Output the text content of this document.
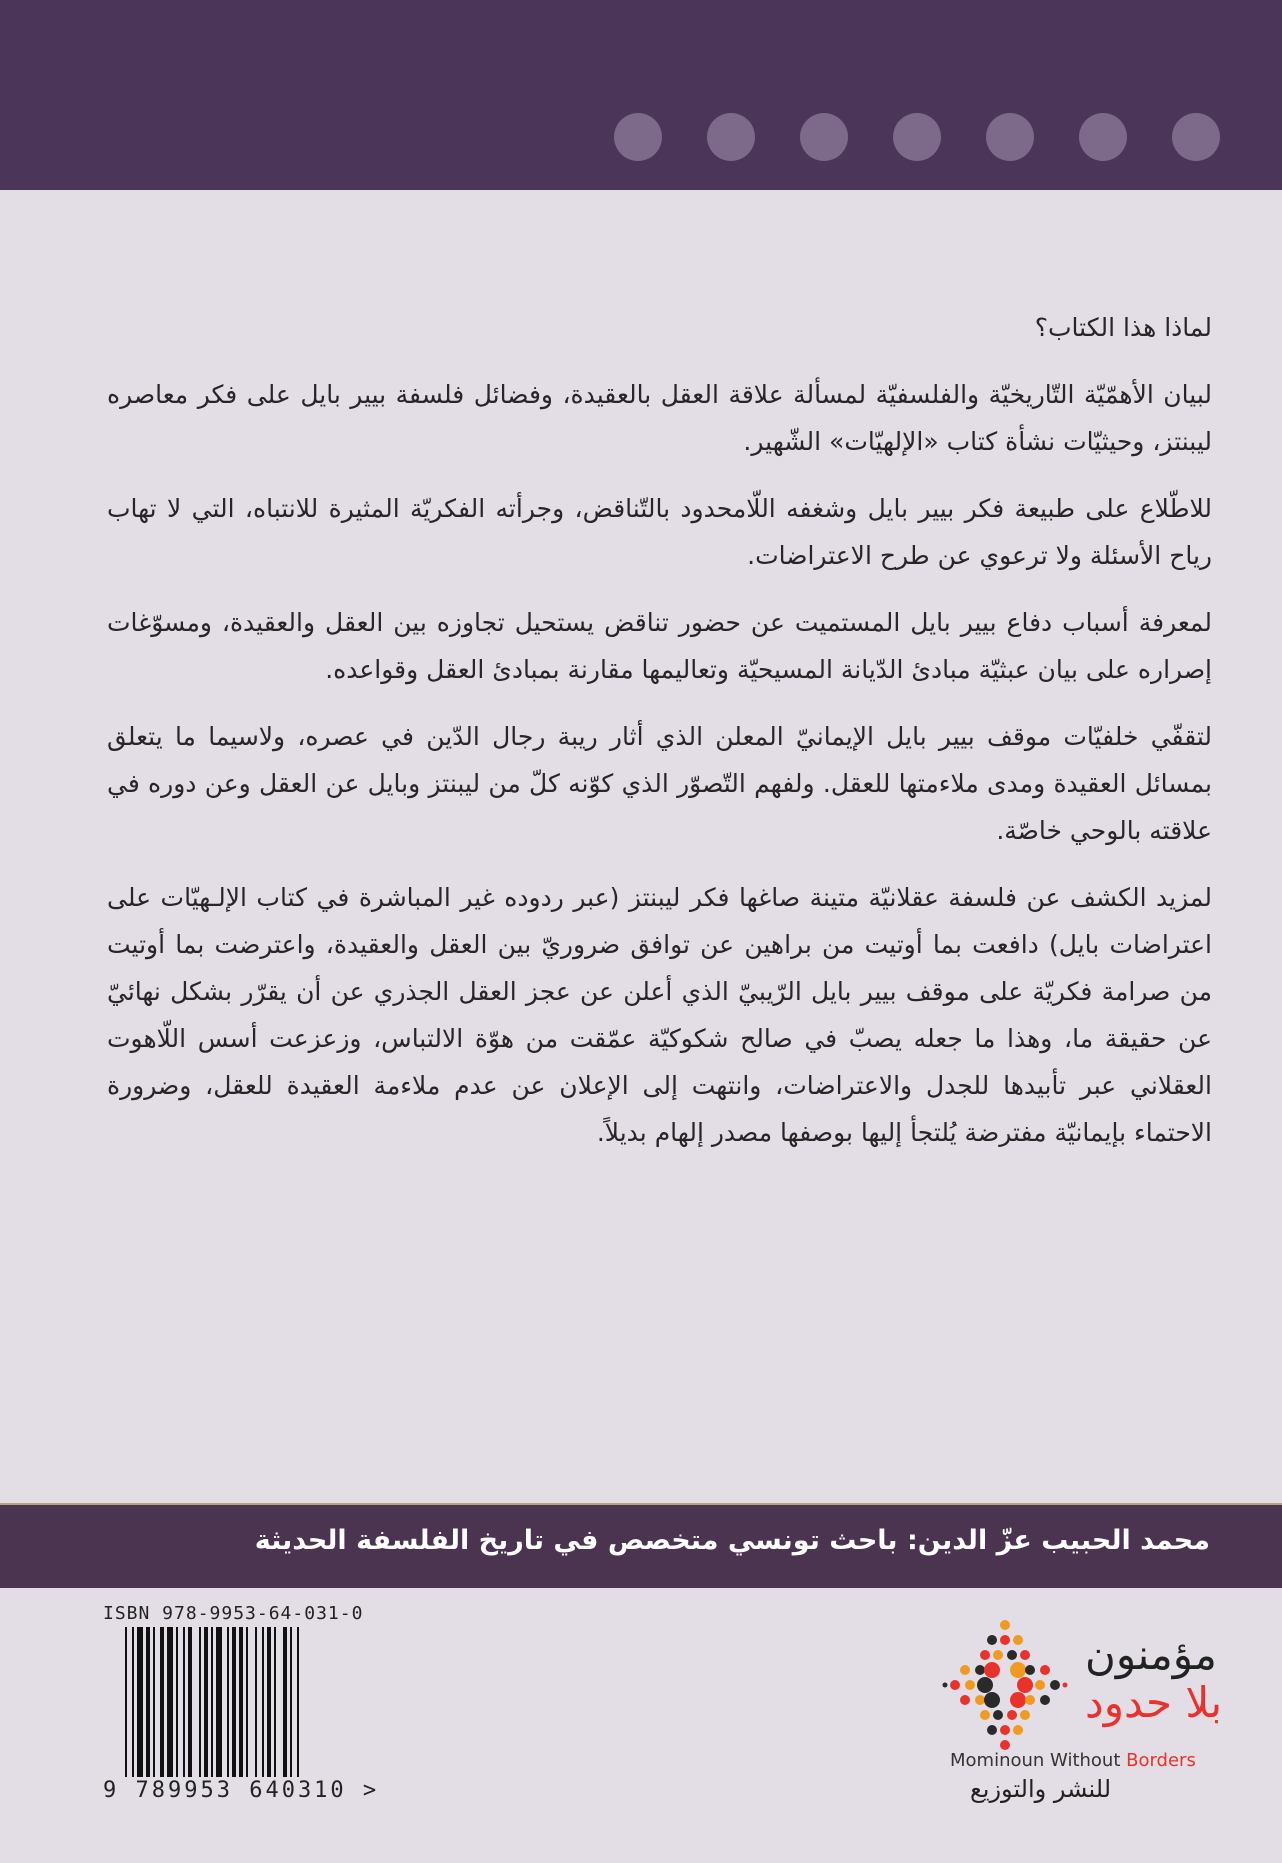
لماذا هذا الكتاب؟

لبيان الأهمّيّة التّاريخيّة والفلسفيّة لمسألة علاقة العقل بالعقيدة، وفضائل فلسفة بيير بايل على فكر معاصره ليبنتز، وحيثيّات نشأة كتاب «الإلهيّات» الشّهير.

للاطّلاع على طبيعة فكر بيير بايل وشغفه اللّامحدود بالتّناقض، وجرأته الفكريّة المثيرة للانتباه، التي لا تهاب رياح الأسئلة ولا ترعوي عن طرح الاعتراضات.

لمعرفة أسباب دفاع بيير بايل المستميت عن حضور تناقض يستحيل تجاوزه بين العقل والعقيدة، ومسوّغات إصراره على بيان عبثيّة مبادئ الدّيانة المسيحيّة وتعاليمها مقارنة بمبادئ العقل وقواعده.

لتقفّي خلفيّات موقف بيير بايل الإيمانيّ المعلن الذي أثار ريبة رجال الدّين في عصره، ولاسيما ما يتعلق بمسائل العقيدة ومدى ملاءمتها للعقل. ولفهم التّصوّر الذي كوّنه كلّ من ليبنتز وبايل عن العقل وعن دوره في علاقته بالوحي خاصّة.

لمزيد الكشف عن فلسفة عقلانيّة متينة صاغها فكر ليبنتز (عبر ردوده غير المباشرة في كتاب الإلـهيّات على اعتراضات بايل) دافعت بما أوتيت من براهين عن توافق ضروريّ بين العقل والعقيدة، واعترضت بما أوتيت من صرامة فكريّة على موقف بيير بايل الرّيبيّ الذي أعلن عن عجز العقل الجذري عن أن يقرّر بشكل نهائيّ عن حقيقة ما، وهذا ما جعله يصبّ في صالح شكوكيّة عمّقت من هوّة الالتباس، وزعزعت أسس اللّاهوت العقلاني عبر تأبيدها للجدل والاعتراضات، وانتهت إلى الإعلان عن عدم ملاءمة العقيدة للعقل، وضرورة الاحتماء بإيمانيّة مفترضة يُلتجأ إليها بوصفها مصدر إلهام بديلاً.

محمد الحبيب عزّ الدين: باحث تونسي متخصص في تاريخ الفلسفة الحديثة
ISBN 978-9953-64-031-0
9 789953 640310 >
مؤمنون
بلا حدود
Mominoun Without Borders
للنشر والتوزيع
